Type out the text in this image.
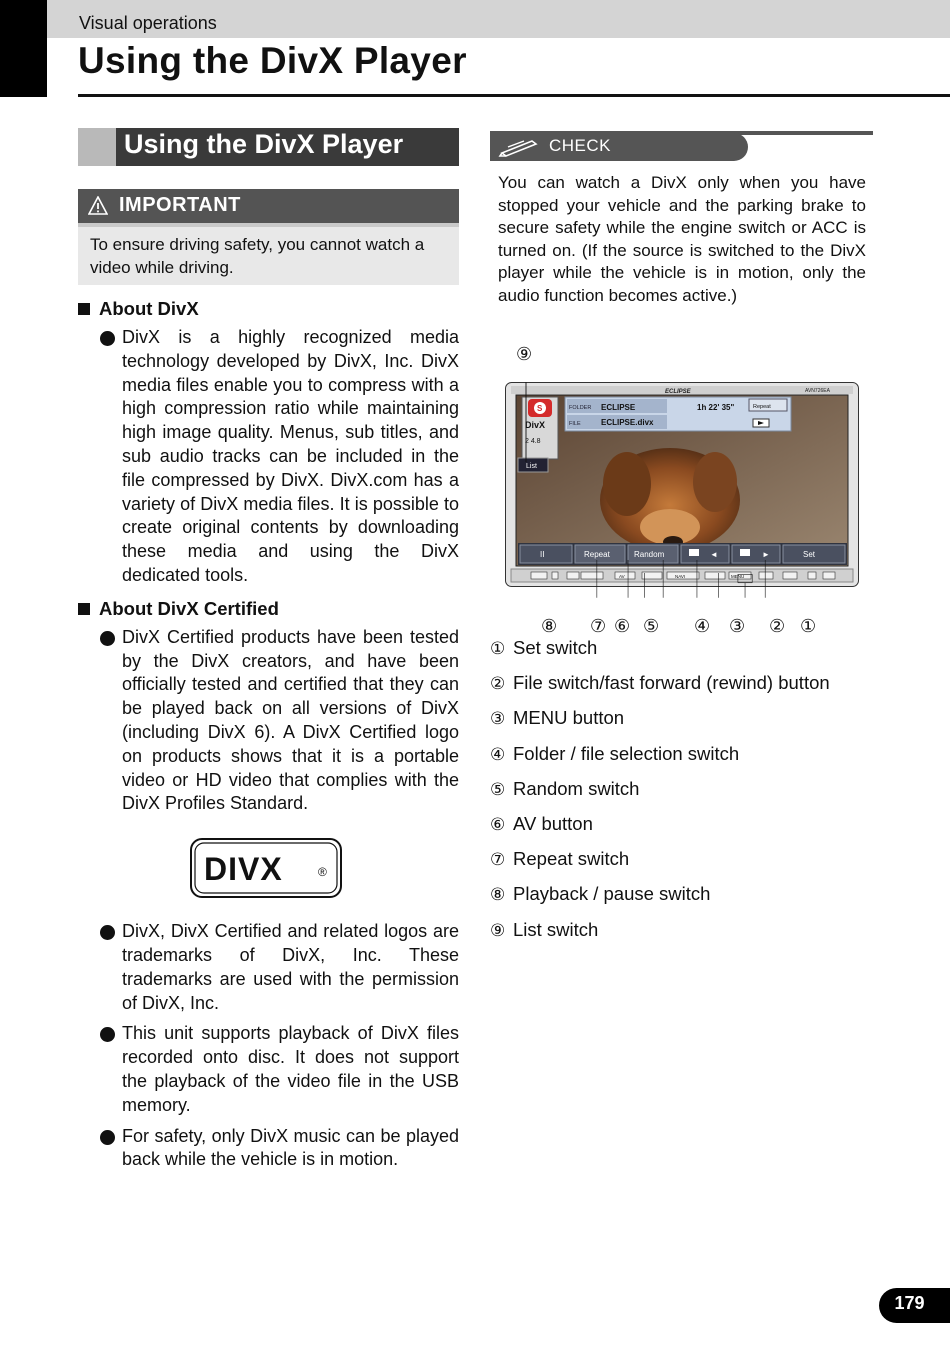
Visual operations
Using the DivX Player
Using the DivX Player
IMPORTANT
To ensure driving safety, you cannot watch a video while driving.
About DivX
DivX is a highly recognized media technology developed by DivX, Inc. DivX media files enable you to compress with a high compression ratio while maintaining high image quality. Menus, sub titles, and sub audio tracks can be included in the file compressed by DivX. DivX.com has a variety of DivX media files. It is possible to create original contents by downloading these media and using the DivX dedicated tools.
About DivX Certified
DivX Certified products have been tested by the DivX creators, and have been officially tested and certified that they can be played back on all versions of DivX (including DivX 6). A DivX Certified logo on products shows that it is a portable video or HD video that complies with the DivX Profiles Standard.
DIVX	®
DivX, DivX Certified and related logos are trademarks of DivX, Inc. These trademarks are used with the permission of DivX, Inc.
This unit supports playback of DivX files recorded onto disc. It does not support the playback of the video file in the USB memory.
For safety, only DivX music can be played back while the vehicle is in motion.
CHECK
You can watch a DivX only when you have stopped your vehicle and the parking brake to secure safety while the engine switch or ACC is turned on. (If the source is switched to the DivX player while the vehicle is in motion, only the audio function becomes active.)
⑨
ECLIPSE	AVN726EA
FOLDER ECLIPSE
FILE	ECLIPSE.divx
1h 22' 35"	Repeat
S
DivX
2 4.8
List
II	Repeat	Random	◄	►	Set
AV	NAVI	MENU
⑧ ⑦ ⑥ ⑤ ④ ③ ② ①
① Set switch
② File switch/fast forward (rewind) button
③ MENU button
④ Folder / file selection switch
⑤ Random switch
⑥ AV button
⑦ Repeat switch
⑧ Playback / pause switch
⑨ List switch
179
